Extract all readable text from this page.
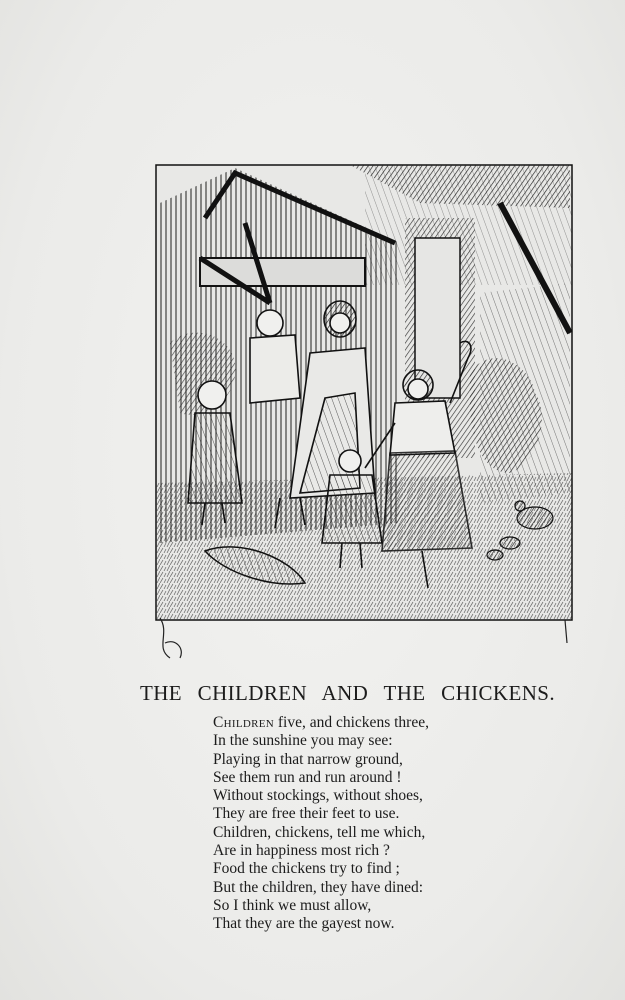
THE CHILDREN AND THE CHICKENS.
Children five, and chickens three,
In the sunshine you may see:
Playing in that narrow ground,
See them run and run around !
Without stockings, without shoes,
They are free their feet to use.
Children, chickens, tell me which,
Are in happiness most rich ?
Food the chickens try to find ;
But the children, they have dined:
So I think we must allow,
That they are the gayest now.
